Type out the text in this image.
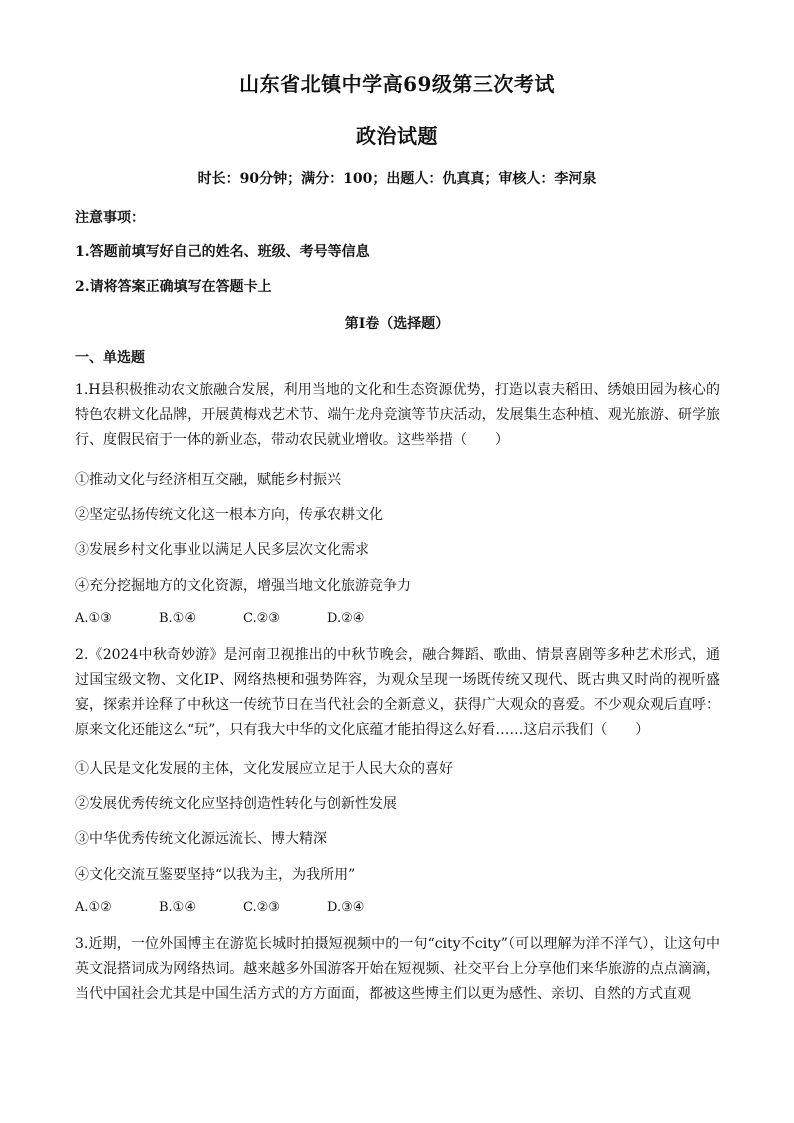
山东省北镇中学高69级第三次考试
政治试题
时长：90分钟；满分：100；出题人：仇真真；审核人：李河泉
注意事项：
1.答题前填写好自己的姓名、班级、考号等信息
2.请将答案正确填写在答题卡上
第I卷（选择题）
一、单选题
1.H县积极推动农文旅融合发展，利用当地的文化和生态资源优势，打造以袁夫稻田、绣娘田园为核心的特色农耕文化品牌，开展黄梅戏艺术节、端午龙舟竞演等节庆活动，发展集生态种植、观光旅游、研学旅行、度假民宿于一体的新业态，带动农民就业增收。这些举措（　　）
①推动文化与经济相互交融，赋能乡村振兴
②坚定弘扬传统文化这一根本方向，传承农耕文化
③发展乡村文化事业以满足人民多层次文化需求
④充分挖掘地方的文化资源，增强当地文化旅游竞争力
A.①③	B.①④	C.②③	D.②④
2.《2024中秋奇妙游》是河南卫视推出的中秋节晚会，融合舞蹈、歌曲、情景喜剧等多种艺术形式，通过国宝级文物、文化IP、网络热梗和强势阵容，为观众呈现一场既传统又现代、既古典又时尚的视听盛宴，探索并诠释了中秋这一传统节日在当代社会的全新意义，获得广大观众的喜爱。不少观众观后直呼：原来文化还能这么“玩”，只有我大中华的文化底蕴才能拍得这么好看……这启示我们（　　）
①人民是文化发展的主体，文化发展应立足于人民大众的喜好
②发展优秀传统文化应坚持创造性转化与创新性发展
③中华优秀传统文化源远流长、博大精深
④文化交流互鉴要坚持“以我为主，为我所用”
A.①②	B.①④	C.②③	D.③④
3.近期，一位外国博主在游览长城时拍摄短视频中的一句“city不city”（可以理解为洋不洋气），让这句中英文混搭词成为网络热词。越来越多外国游客开始在短视频、社交平台上分享他们来华旅游的点点滴滴，当代中国社会尤其是中国生活方式的方方面面，都被这些博主们以更为感性、亲切、自然的方式直观
